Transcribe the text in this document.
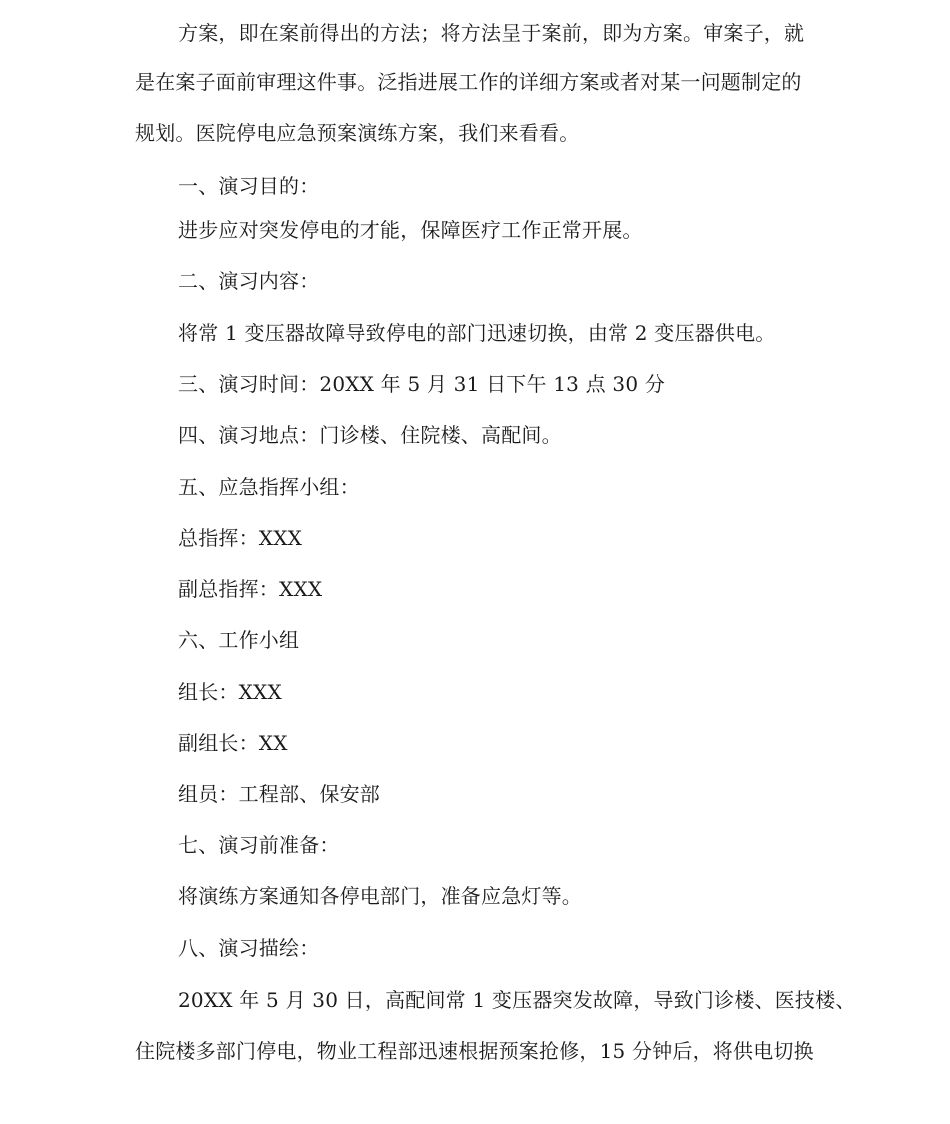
方案，即在案前得出的方法；将方法呈于案前，即为方案。审案子，就
是在案子面前审理这件事。泛指进展工作的详细方案或者对某一问题制定的
规划。医院停电应急预案演练方案，我们来看看。
一、演习目的：
进步应对突发停电的才能，保障医疗工作正常开展。
二、演习内容：
将常 1 变压器故障导致停电的部门迅速切换，由常 2 变压器供电。
三、演习时间：20XX 年 5 月 31 日下午 13 点 30 分
四、演习地点：门诊楼、住院楼、高配间。
五、应急指挥小组：
总指挥：XXX
副总指挥：XXX
六、工作小组
组长：XXX
副组长：XX
组员：工程部、保安部
七、演习前准备：
将演练方案通知各停电部门，准备应急灯等。
八、演习描绘：
20XX 年 5 月 30 日，高配间常 1 变压器突发故障，导致门诊楼、医技楼、
住院楼多部门停电，物业工程部迅速根据预案抢修，15 分钟后，将供电切换
